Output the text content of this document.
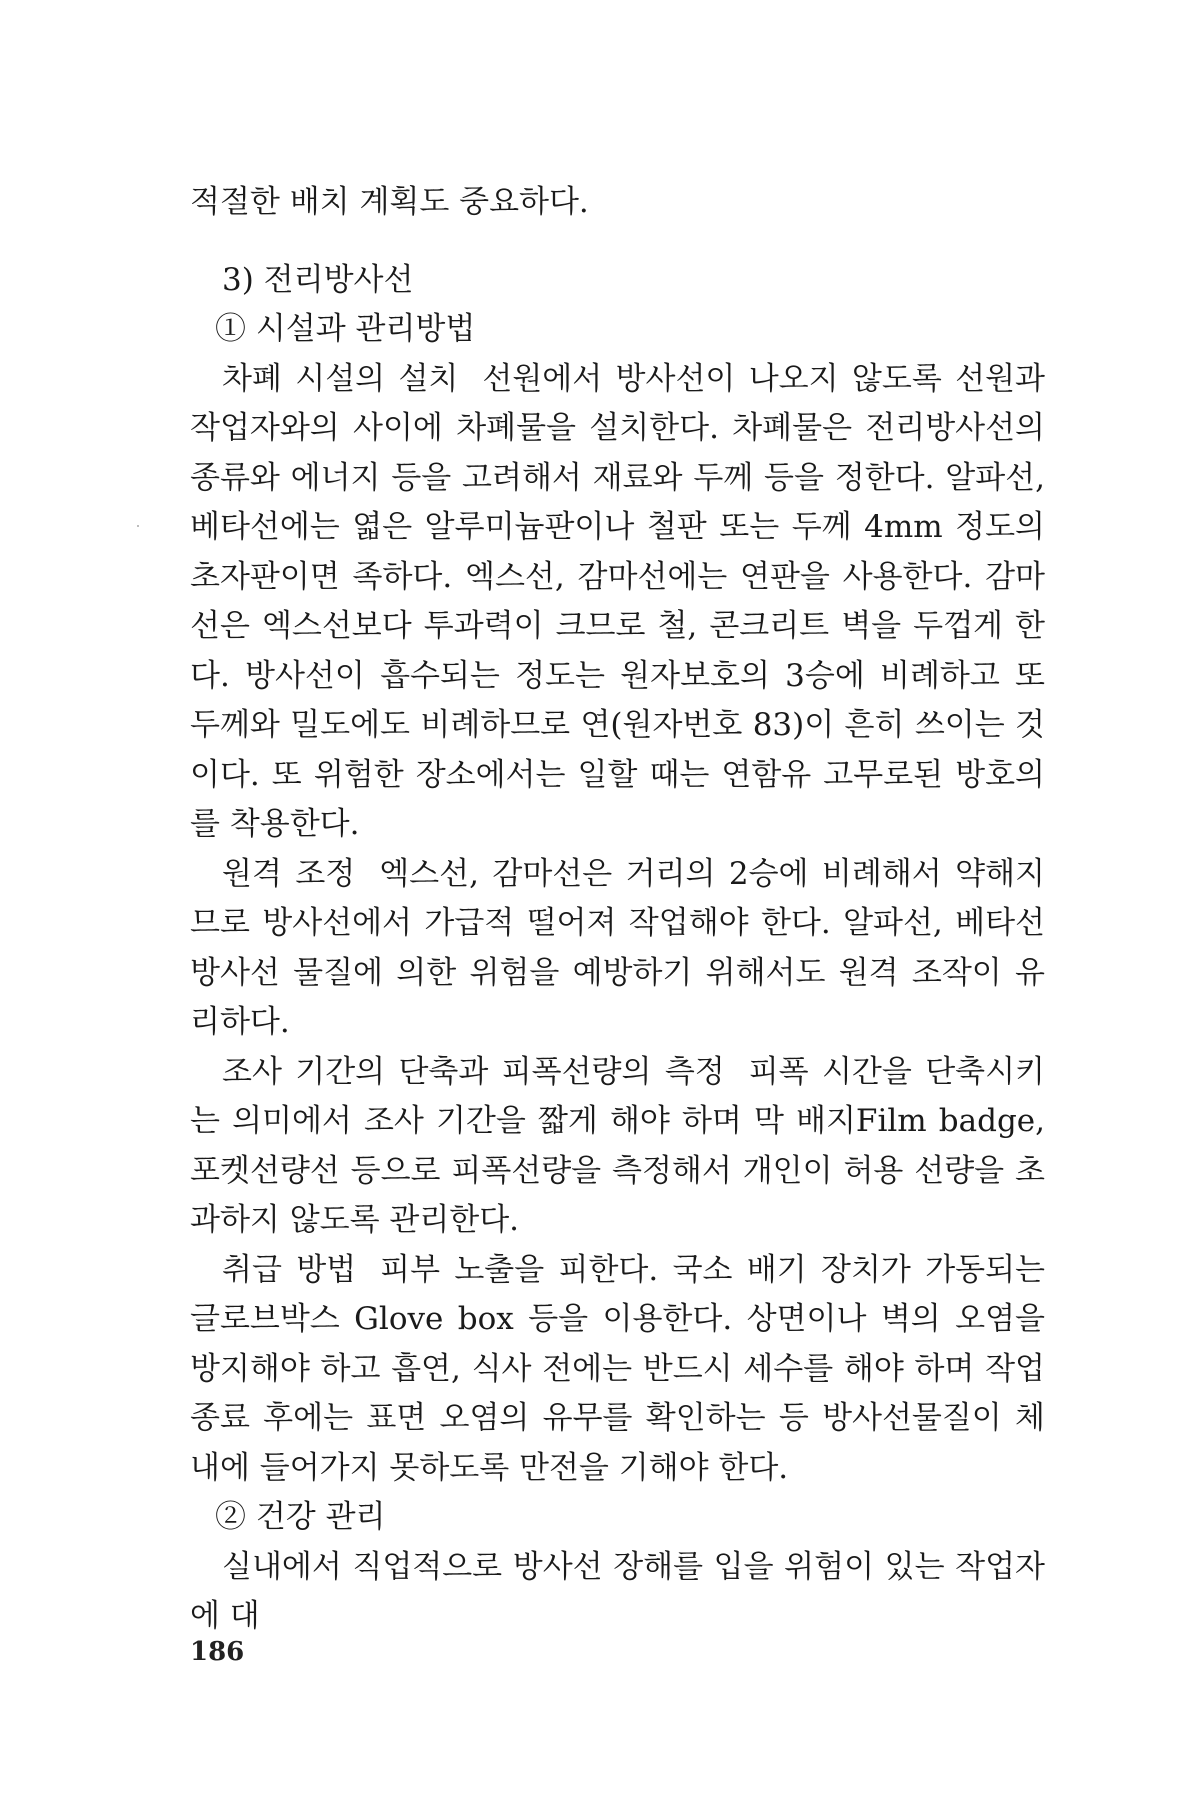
적절한 배치 계획도 중요하다.

3) 전리방사선

① 시설과 관리방법

차폐 시설의 설치 선원에서 방사선이 나오지 않도록 선원과 작업자와의 사이에 차폐물을 설치한다. 차폐물은 전리방사선의 종류와 에너지 등을 고려해서 재료와 두께 등을 정한다. 알파선, 베타선에는 엷은 알루미늄판이나 철판 또는 두께 4mm 정도의 초자판이면 족하다. 엑스선, 감마선에는 연판을 사용한다. 감마선은 엑스선보다 투과력이 크므로 철, 콘크리트 벽을 두껍게 한다. 방사선이 흡수되는 정도는 원자보호의 3승에 비례하고 또 두께와 밀도에도 비례하므로 연(원자번호 83)이 흔히 쓰이는 것이다. 또 위험한 장소에서는 일할 때는 연함유 고무로된 방호의를 착용한다.

원격 조정 엑스선, 감마선은 거리의 2승에 비례해서 약해지므로 방사선에서 가급적 떨어져 작업해야 한다. 알파선, 베타선 방사선 물질에 의한 위험을 예방하기 위해서도 원격 조작이 유리하다.

조사 기간의 단축과 피폭선량의 측정 피폭 시간을 단축시키는 의미에서 조사 기간을 짧게 해야 하며 막 배지Film badge, 포켓선량선 등으로 피폭선량을 측정해서 개인이 허용 선량을 초과하지 않도록 관리한다.

취급 방법 피부 노출을 피한다. 국소 배기 장치가 가동되는 글로브박스 Glove box 등을 이용한다. 상면이나 벽의 오염을 방지해야 하고 흡연, 식사 전에는 반드시 세수를 해야 하며 작업 종료 후에는 표면 오염의 유무를 확인하는 등 방사선물질이 체내에 들어가지 못하도록 만전을 기해야 한다.

② 건강 관리

실내에서 직업적으로 방사선 장해를 입을 위험이 있는 작업자에 대

186
